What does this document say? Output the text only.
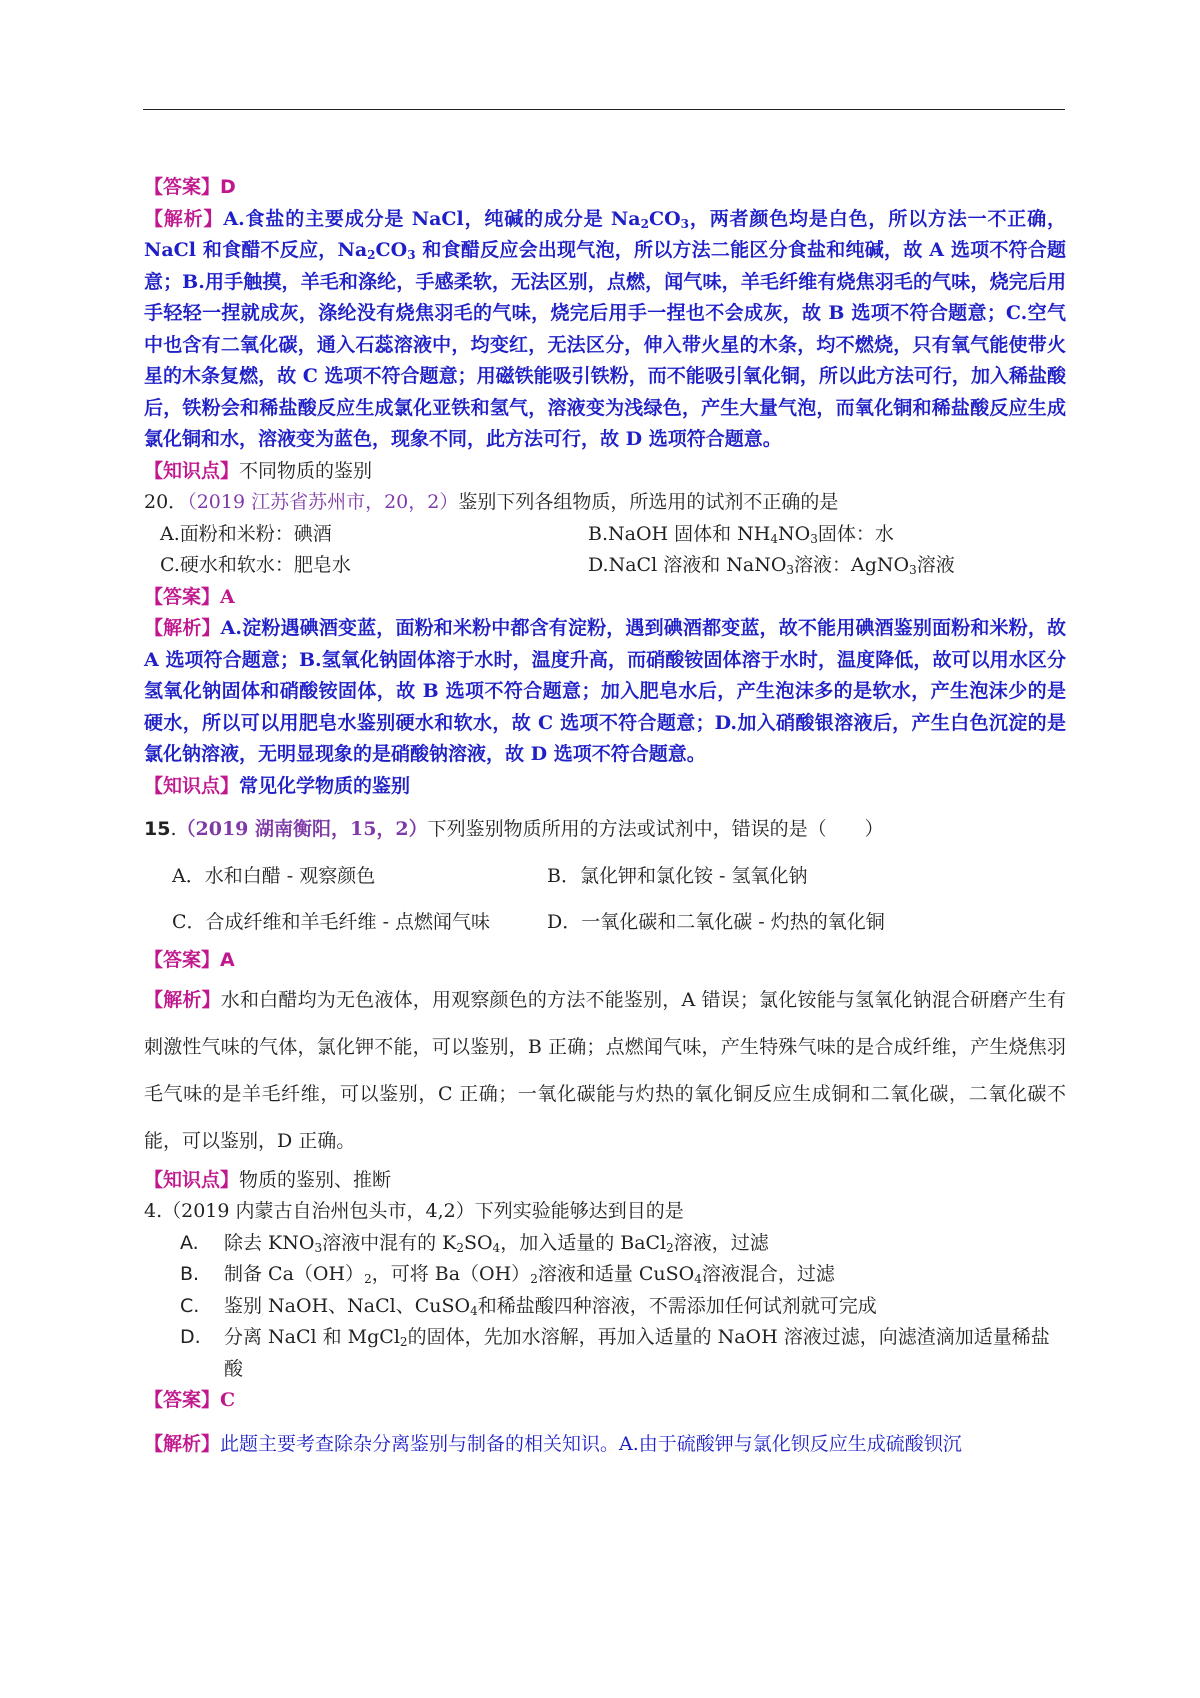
【答案】D

【解析】A.食盐的主要成分是 NaCl，纯碱的成分是 $Na_2CO_3$，两者颜色均是白色，所以方法一不正确，NaCl 和食醋不反应，$Na_2CO_3$ 和食醋反应会出现气泡，所以方法二能区分食盐和纯碱，故 A 选项不符合题意；B.用手触摸，羊毛和涤纶，手感柔软，无法区别，点燃，闻气味，羊毛纤维有烧焦羽毛的气味，烧完后用手轻轻一捏就成灰，涤纶没有烧焦羽毛的气味，烧完后用手一捏也不会成灰，故 B 选项不符合题意；C.空气中也含有二氧化碳，通入石蕊溶液中，均变红，无法区分，伸入带火星的木条，均不燃烧，只有氧气能使带火星的木条复燃，故 C 选项不符合题意；用磁铁能吸引铁粉，而不能吸引氧化铜，所以此方法可行，加入稀盐酸后，铁粉会和稀盐酸反应生成氯化亚铁和氢气，溶液变为浅绿色，产生大量气泡，而氧化铜和稀盐酸反应生成氯化铜和水，溶液变为蓝色，现象不同，此方法可行，故 D 选项符合题意。

【知识点】不同物质的鉴别

20．（2019 江苏省苏州市，20，2）鉴别下列各组物质，所选用的试剂不正确的是

A.面粉和米粉：碘酒	B.NaOH 固体和 $NH_4NO_3$固体：水
C.硬水和软水：肥皂水	D.NaCl 溶液和 NaNO$_3$溶液：AgNO$_3$溶液

【答案】A

【解析】A.淀粉遇碘酒变蓝，面粉和米粉中都含有淀粉，遇到碘酒都变蓝，故不能用碘酒鉴别面粉和米粉，故 A 选项符合题意；B.氢氧化钠固体溶于水时，温度升高，而硝酸铵固体溶于水时，温度降低，故可以用水区分氢氧化钠固体和硝酸铵固体，故 B 选项不符合题意；加入肥皂水后，产生泡沫多的是软水，产生泡沫少的是硬水，所以可以用肥皂水鉴别硬水和软水，故 C 选项不符合题意；D.加入硝酸银溶液后，产生白色沉淀的是氯化钠溶液，无明显现象的是硝酸钠溶液，故 D 选项不符合题意。

【知识点】常见化学物质的鉴别

15.（2019 湖南衡阳，15，2）下列鉴别物质所用的方法或试剂中，错误的是（　　）

A．水和白醋 - 观察颜色	B．氯化钾和氯化铵 - 氢氧化钠
C．合成纤维和羊毛纤维 - 点燃闻气味	D．一氧化碳和二氧化碳 - 灼热的氧化铜

【答案】A

【解析】水和白醋均为无色液体，用观察颜色的方法不能鉴别，A 错误；氯化铵能与氢氧化钠混合研磨产生有刺激性气味的气体，氯化钾不能，可以鉴别，B 正确；点燃闻气味，产生特殊气味的是合成纤维，产生烧焦羽毛气味的是羊毛纤维，可以鉴别，C 正确；一氧化碳能与灼热的氧化铜反应生成铜和二氧化碳，二氧化碳不能，可以鉴别，D 正确。

【知识点】物质的鉴别、推断

4.（2019 内蒙古自治州包头市，4,2）下列实验能够达到目的是

A.	除去 $KNO_3$溶液中混有的 $K_2SO_4$，加入适量的 BaCl$_2$溶液，过滤
B.	制备 $Ca(OH)_2$，可将 $Ba(OH)_2$溶液和适量 CuSO$_4$溶液混合，过滤
C.	鉴别 NaOH、NaCl、CuSO$_4$和稀盐酸四种溶液，不需添加任何试剂就可完成
D.	分离 NaCl 和 MgCl$_2$的固体，先加水溶解，再加入适量的 NaOH 溶液过滤，向滤渣滴加适量稀盐酸

【答案】C

【解析】此题主要考查除杂分离鉴别与制备的相关知识。A.由于硫酸钾与氯化钡反应生成硫酸钡沉
